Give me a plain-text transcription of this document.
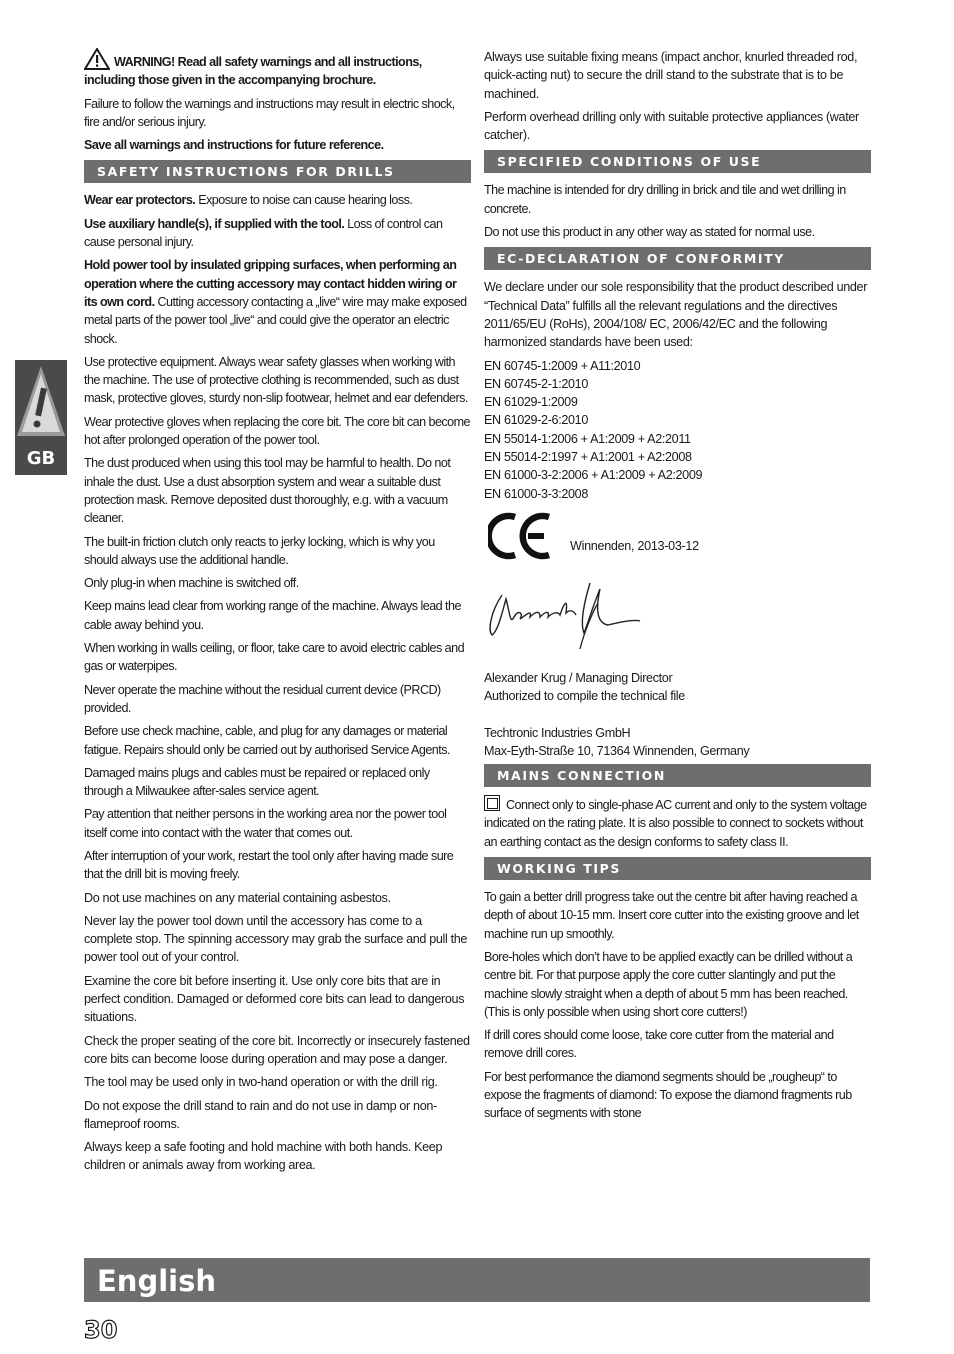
GB

WARNING! Read all safety warnings and all instructions, including those given in the accompanying brochure.

Failure to follow the warnings and instructions may result in electric shock, fire and/or serious injury.

Save all warnings and instructions for future reference.

SAFETY INSTRUCTIONS FOR DRILLS

Wear ear protectors. Exposure to noise can cause hearing loss.

Use auxiliary handle(s), if supplied with the tool. Loss of control can cause personal injury.

Hold power tool by insulated gripping surfaces, when performing an operation where the cutting accessory may contact hidden wiring or its own cord. Cutting accessory contacting a „live“ wire may make exposed metal parts of the power tool „live“ and could give the operator an electric shock.

Use protective equipment. Always wear safety glasses when working with the machine. The use of protective clothing is recommended, such as dust mask, protective gloves, sturdy non-slip footwear, helmet and ear defenders.

Wear protective gloves when replacing the core bit. The core bit can become hot after prolonged operation of the power tool.

The dust produced when using this tool may be harmful to health. Do not inhale the dust. Use a dust absorption system and wear a suitable dust protection mask. Remove deposited dust thoroughly, e.g. with a vacuum cleaner.

The built-in friction clutch only reacts to jerky locking, which is why you should always use the additional handle.

Only plug-in when machine is switched off.

Keep mains lead clear from working range of the machine. Always lead the cable away behind you.

When working in walls ceiling, or floor, take care to avoid electric cables and gas or waterpipes.

Never operate the machine without the residual current device (PRCD) provided.

Before use check machine, cable, and plug for any damages or material fatigue. Repairs should only be carried out by authorised Service Agents.

Damaged mains plugs and cables must be repaired or replaced only through a Milwaukee after-sales service agent.

Pay attention that neither persons in the working area nor the power tool itself come into contact with the water that comes out.

After interruption of your work, restart the tool only after having made sure that the drill bit is moving freely.

Do not use machines on any material containing asbestos.

Never lay the power tool down until the accessory has come to a complete stop. The spinning accessory may grab the surface and pull the power tool out of your control.

Examine the core bit before inserting it. Use only core bits that are in perfect condition. Damaged or deformed core bits can lead to dangerous situations.

Check the proper seating of the core bit. Incorrectly or insecurely fastened core bits can become loose during operation and may pose a danger.

The tool may be used only in two-hand operation or with the drill rig.

Do not expose the drill stand to rain and do not use in damp or non-flameproof rooms.

Always keep a safe footing and hold machine with both hands. Keep children or animals away from working area.

Always use suitable fixing means (impact anchor, knurled threaded rod, quick-acting nut) to secure the drill stand to the substrate that is to be machined.

Perform overhead drilling only with suitable protective appliances (water catcher).

SPECIFIED CONDITIONS OF USE

The machine is intended for dry drilling in brick and tile and wet drilling in concrete.

Do not use this product in any other way as stated for normal use.

EC-DECLARATION OF CONFORMITY

We declare under our sole responsibility that the product described under “Technical Data” fulfills all the relevant regulations and the directives 2011/65/EU (RoHs), 2004/108/ EC, 2006/42/EC and the following harmonized standards have been used:

EN 60745-1:2009 + A11:2010

EN 60745-2-1:2010

EN 61029-1:2009

EN 61029-2-6:2010

EN 55014-1:2006 + A1:2009 + A2:2011

EN 55014-2:1997 + A1:2001 + A2:2008

EN 61000-3-2:2006 + A1:2009 + A2:2009

EN 61000-3-3:2008

Winnenden, 2013-03-12

Alexander Krug / Managing Director

Authorized to compile the technical file

Techtronic Industries GmbH

Max-Eyth-Straße 10, 71364 Winnenden, Germany

MAINS CONNECTION

Connect only to single-phase AC current and only to the system voltage indicated on the rating plate. It is also possible to connect to sockets without an earthing contact as the design conforms to safety class II.

WORKING TIPS

To gain a better drill progress take out the centre bit after having reached a depth of about 10-15 mm. Insert core cutter into the existing groove and let machine run up smoothly.

Bore-holes which don’t have to be applied exactly can be drilled without a centre bit. For that purpose apply the core cutter slantingly and put the machine slowly straight when a depth of about 5 mm has been reached. (This is only possible when using short core cutters!)

If drill cores should come loose, take core cutter from the material and remove drill cores.

For best performance the diamond segments should be „rougheup“ to expose the fragments of diamond: To expose the diamond fragments rub surface of segments with stone

English
30
